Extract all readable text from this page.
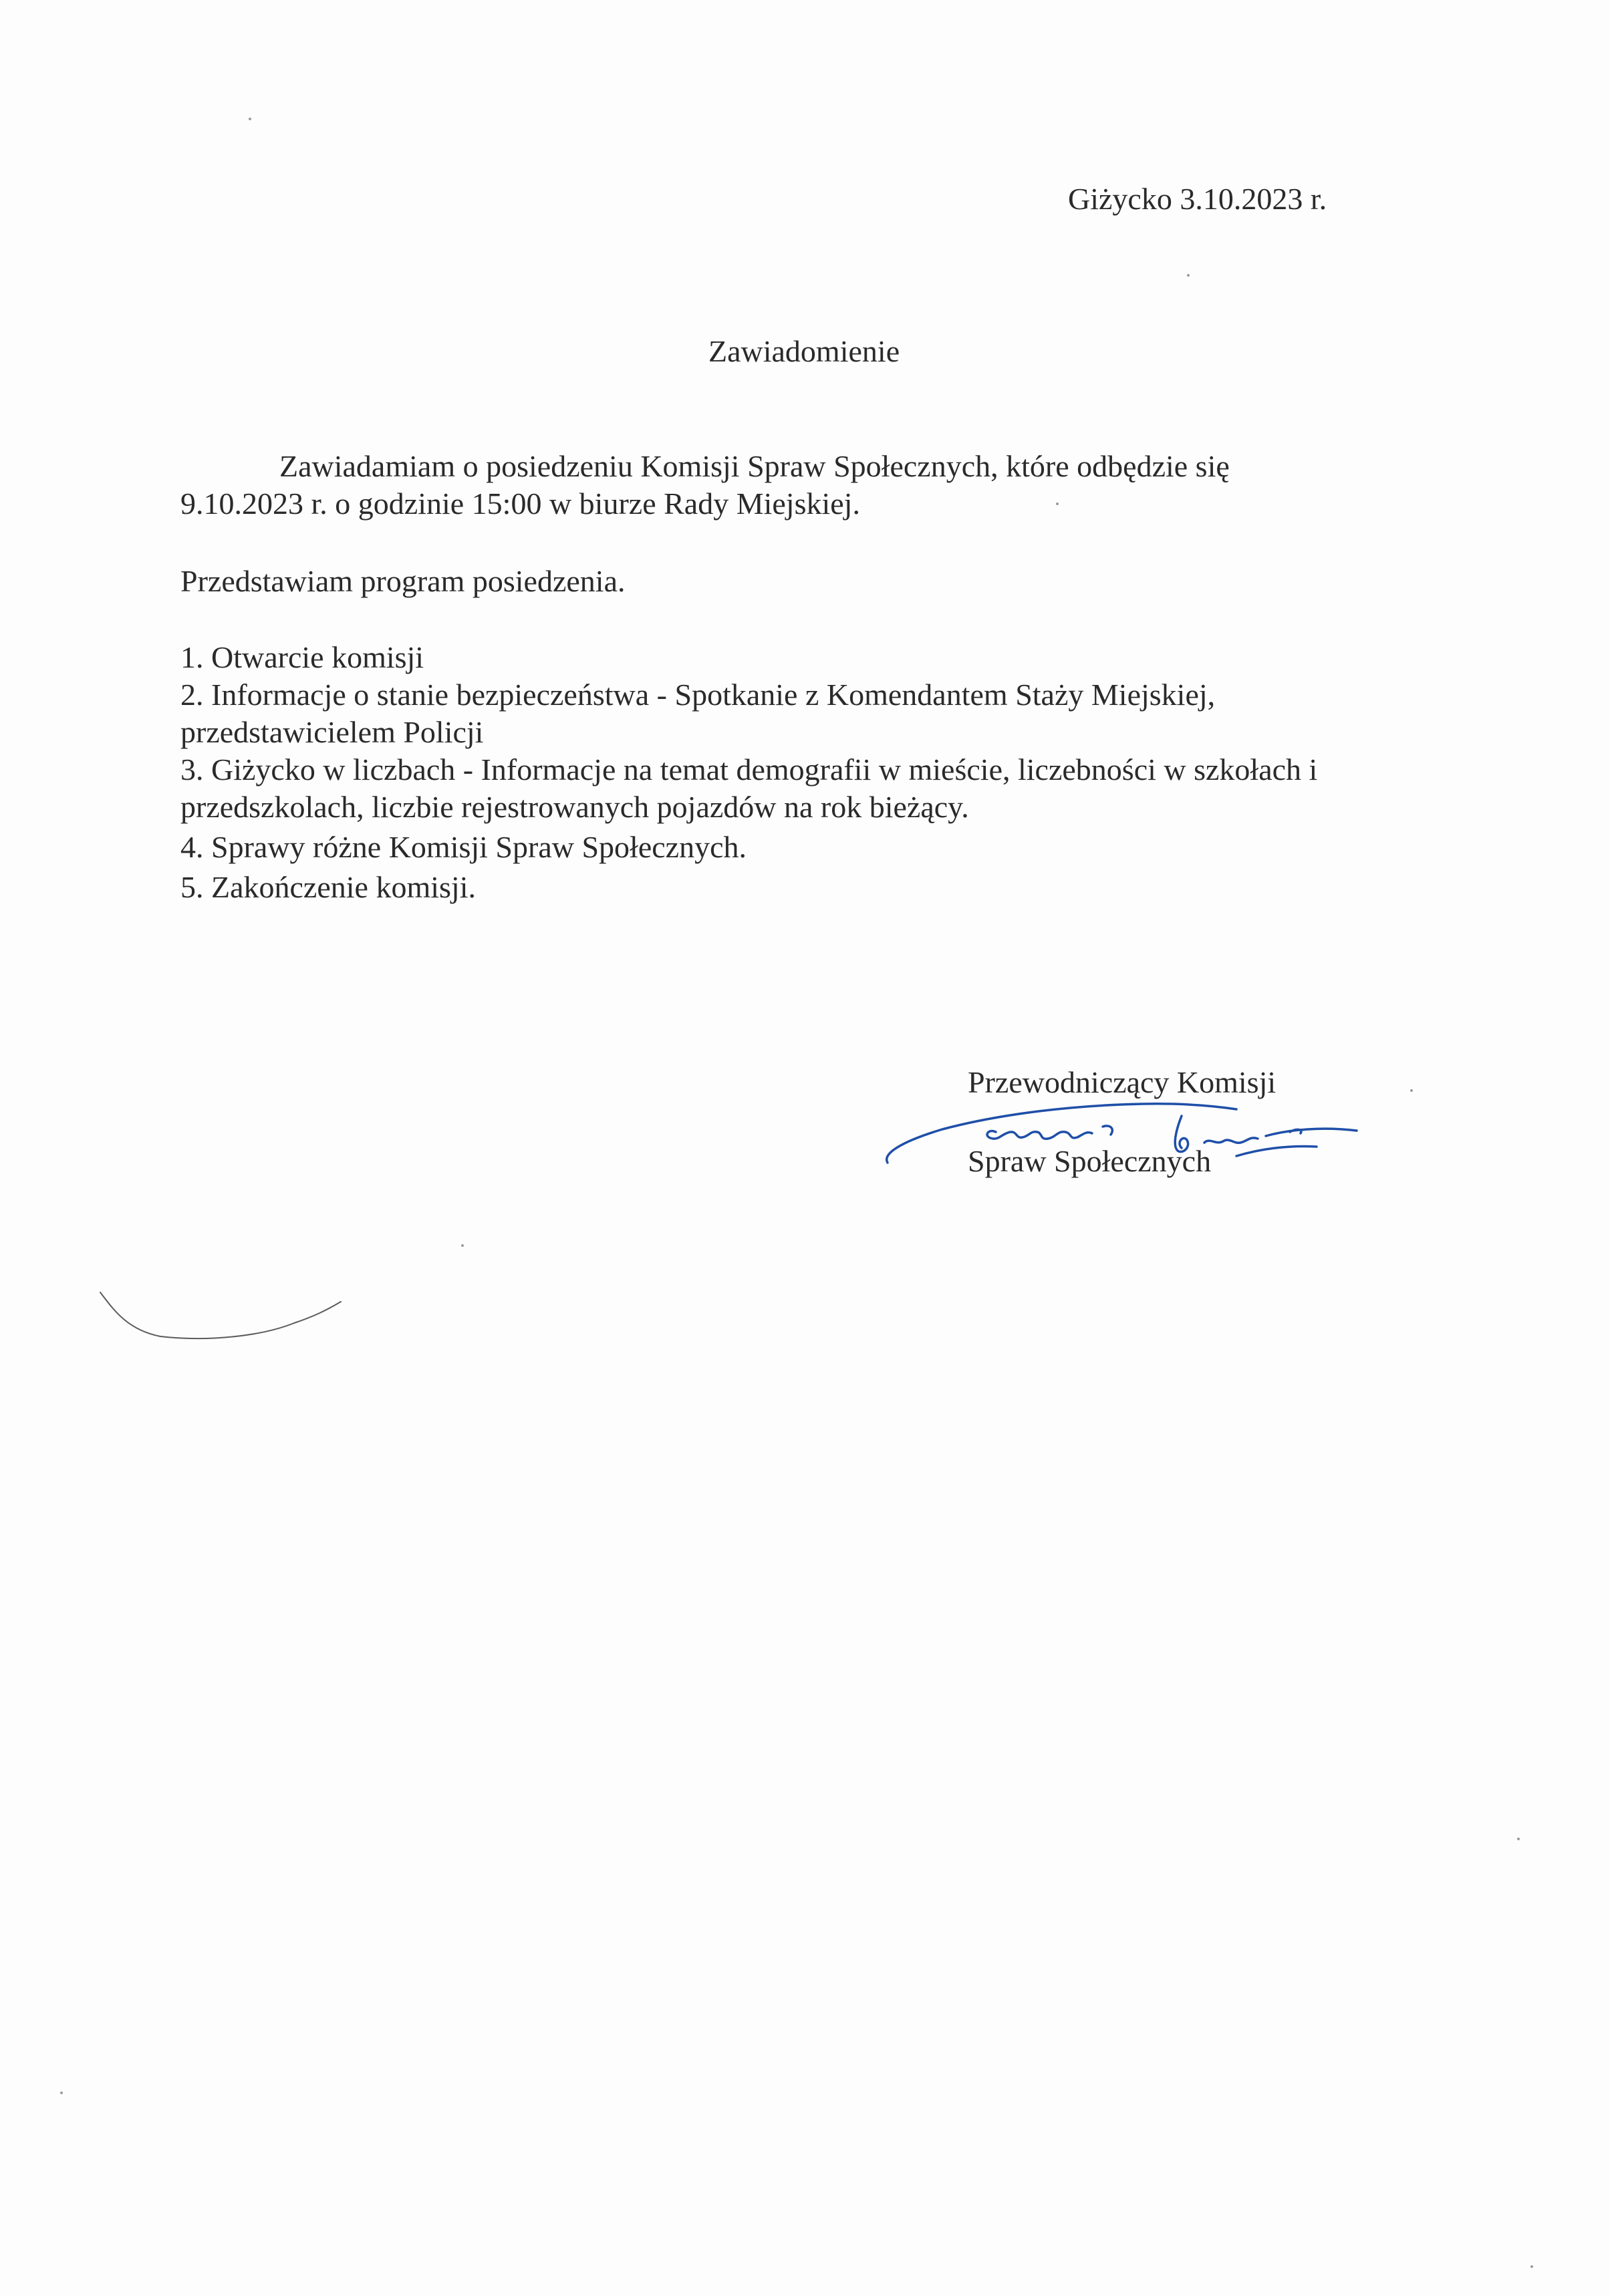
Giżycko 3.10.2023 r.
Zawiadomienie
Zawiadamiam o posiedzeniu Komisji Spraw Społecznych, które odbędzie się
9.10.2023 r. o godzinie 15:00 w biurze Rady Miejskiej.
Przedstawiam program posiedzenia.
1. Otwarcie komisji
2. Informacje o stanie bezpieczeństwa - Spotkanie z Komendantem Staży Miejskiej,
przedstawicielem Policji
3. Giżycko w liczbach - Informacje na temat demografii w mieście, liczebności w szkołach i
przedszkolach, liczbie rejestrowanych pojazdów na rok bieżący.
4. Sprawy różne Komisji Spraw Społecznych.
5. Zakończenie komisji.
Przewodniczący Komisji
Spraw Społecznych
